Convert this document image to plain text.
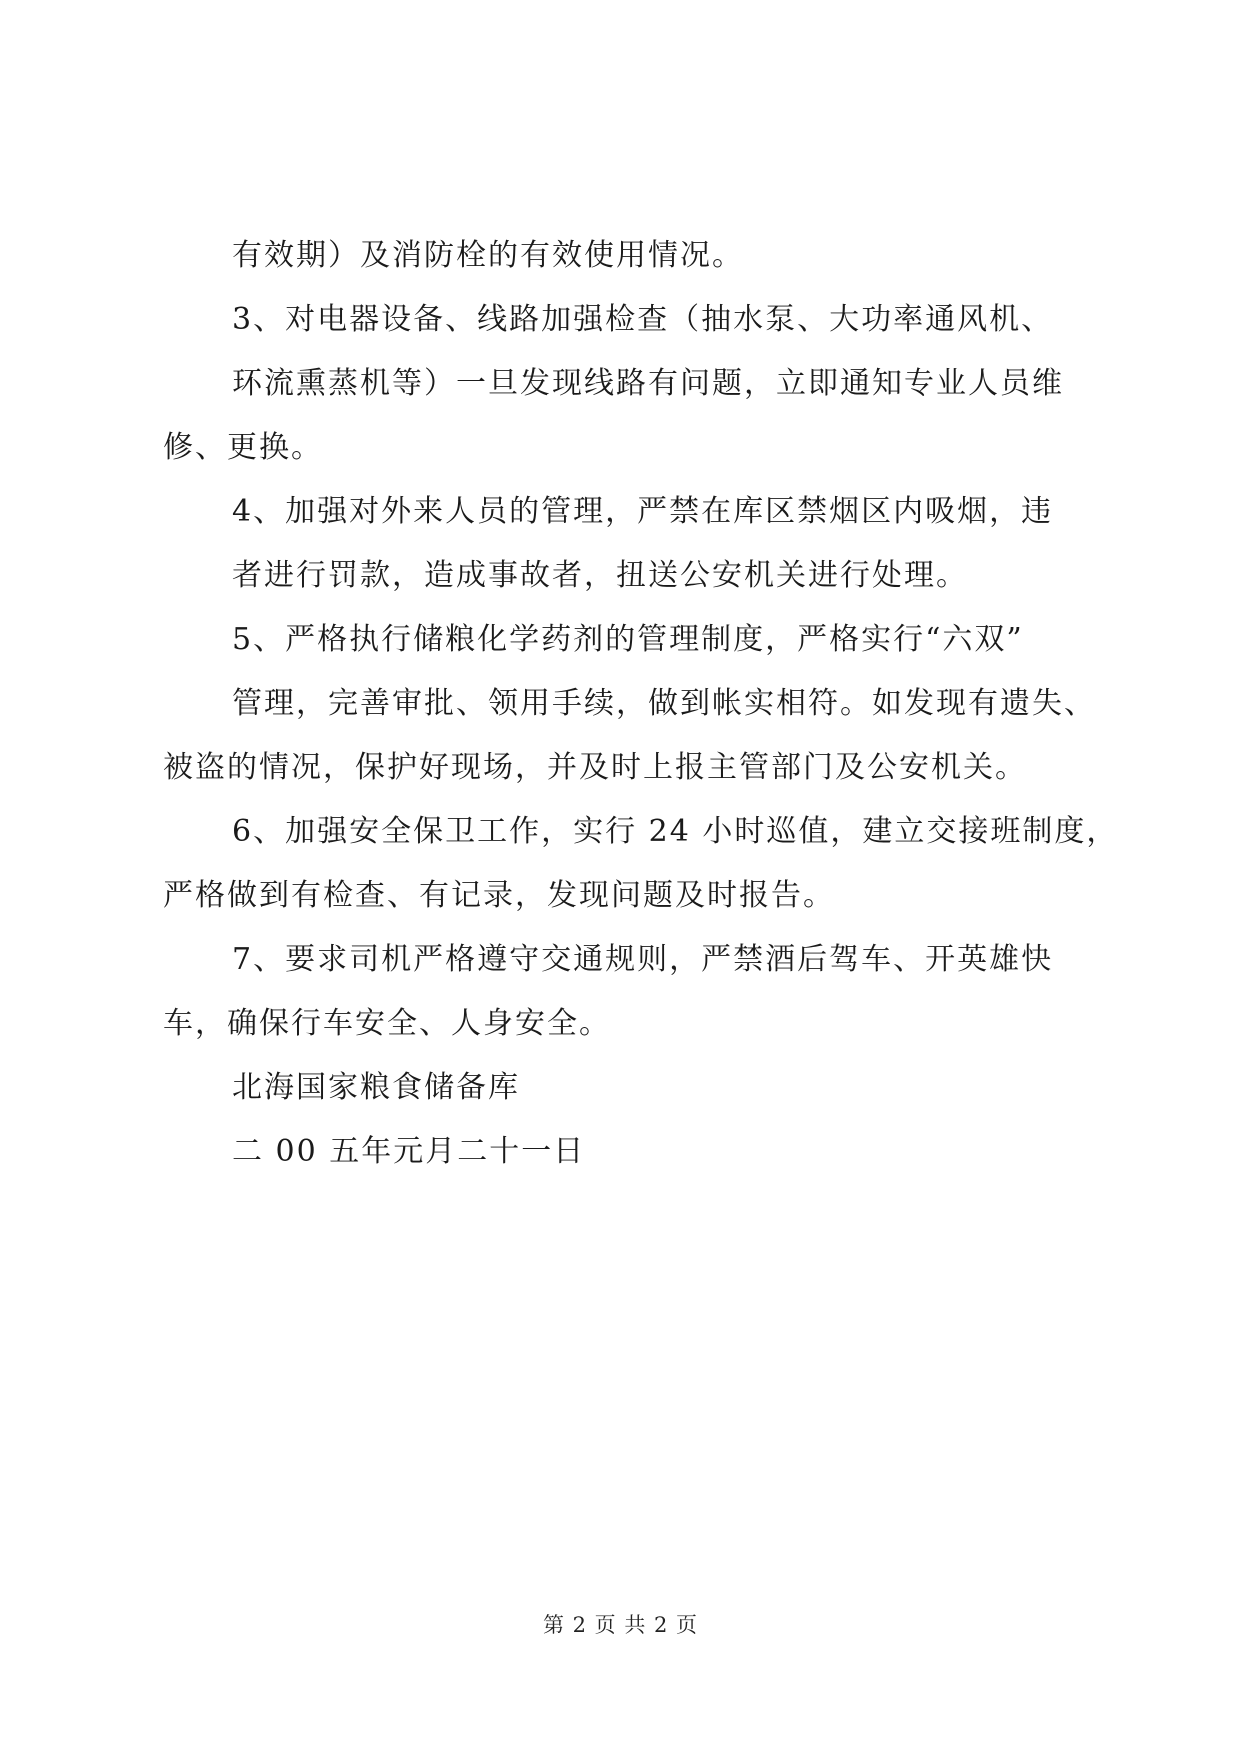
有效期）及消防栓的有效使用情况。
3、对电器设备、线路加强检查（抽水泵、大功率通风机、
环流熏蒸机等）一旦发现线路有问题，立即通知专业人员维
修、更换。
4、加强对外来人员的管理，严禁在库区禁烟区内吸烟，违
者进行罚款，造成事故者，扭送公安机关进行处理。
5、严格执行储粮化学药剂的管理制度，严格实行“六双”
管理，完善审批、领用手续，做到帐实相符。如发现有遗失、
被盗的情况，保护好现场，并及时上报主管部门及公安机关。
6、加强安全保卫工作，实行 24 小时巡值，建立交接班制度，
严格做到有检查、有记录，发现问题及时报告。
7、要求司机严格遵守交通规则，严禁酒后驾车、开英雄快
车，确保行车安全、人身安全。
北海国家粮食储备库
二 00 五年元月二十一日
第 2 页 共 2 页
